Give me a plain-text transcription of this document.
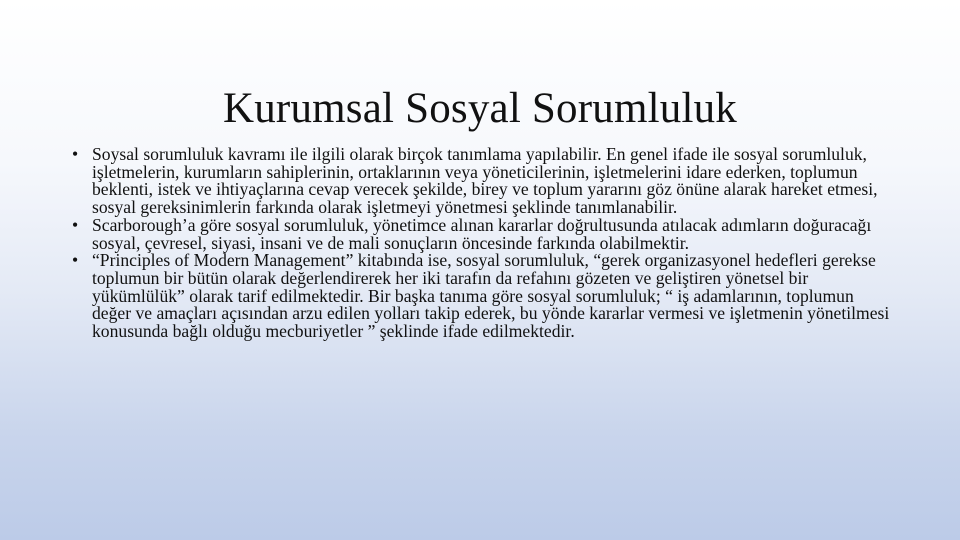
Kurumsal Sosyal Sorumluluk
• Soysal sorumluluk kavramı ile ilgili olarak birçok tanımlama yapılabilir. En genel ifade ile sosyal sorumluluk, işletmelerin, kurumların sahiplerinin, ortaklarının veya yöneticilerinin, işletmelerini idare ederken, toplumun beklenti, istek ve ihtiyaçlarına cevap verecek şekilde, birey ve toplum yararını göz önüne alarak hareket etmesi, sosyal gereksinimlerin farkında olarak işletmeyi yönetmesi şeklinde tanımlanabilir.
• Scarborough’a göre sosyal sorumluluk, yönetimce alınan kararlar doğrultusunda atılacak adımların doğuracağı sosyal, çevresel, siyasi, insani ve de mali sonuçların öncesinde farkında olabilmektir.
• “Principles of Modern Management” kitabında ise, sosyal sorumluluk, “gerek organizasyonel hedefleri gerekse toplumun bir bütün olarak değerlendirerek her iki tarafın da refahını gözeten ve geliştiren yönetsel bir yükümlülük” olarak tarif edilmektedir. Bir başka tanıma göre sosyal sorumluluk; “ iş adamlarının, toplumun değer ve amaçları açısından arzu edilen yolları takip ederek, bu yönde kararlar vermesi ve işletmenin yönetilmesi konusunda bağlı olduğu mecburiyetler ” şeklinde ifade edilmektedir.
